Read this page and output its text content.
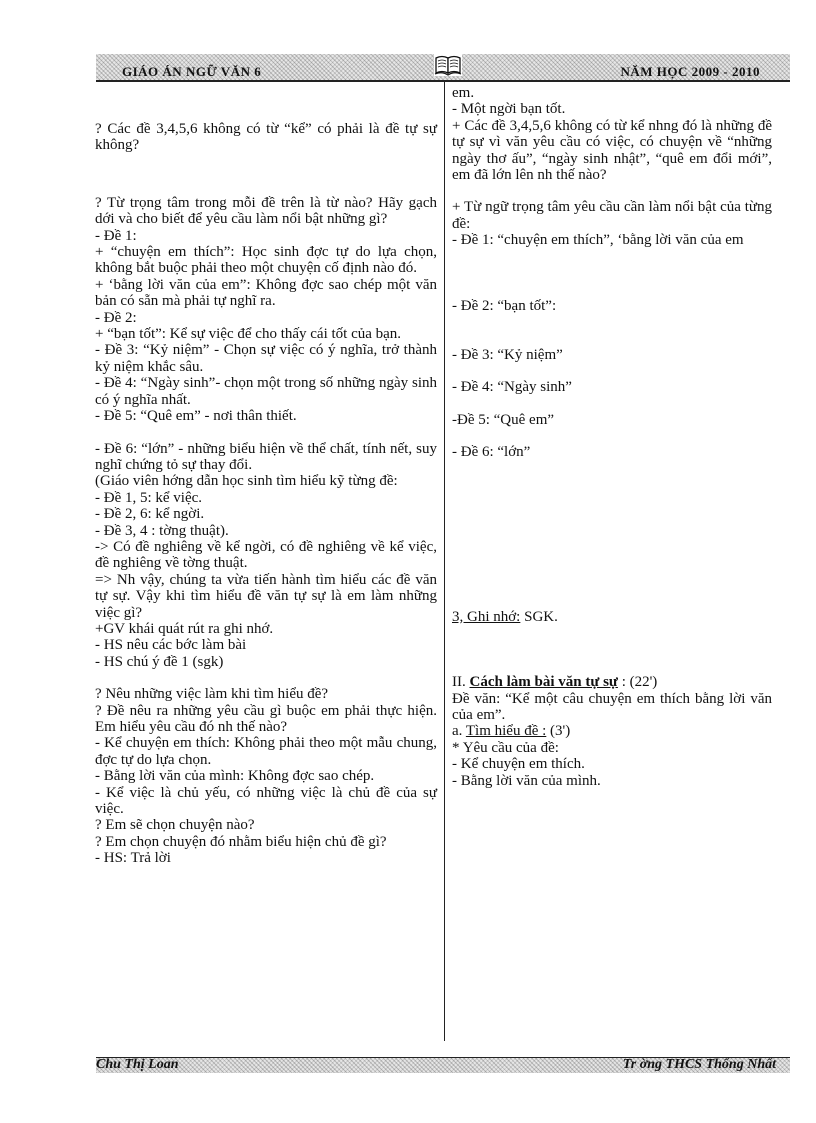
GIÁO ÁN NGỮ VĂN 6	NĂM HỌC 2009 - 2010

? Các đề 3,4,5,6 không có từ “kể” có phải là đề tự sự không?

? Từ trọng tâm trong mỗi đề trên là từ nào? Hãy gạch dới và cho biết để yêu cầu làm nổi bật những gì?

- Đề 1:

+ “chuyện em thích”: Học sinh đợc tự do lựa chọn, không bắt buộc phải theo một chuyện cố định nào đó.

+ ‘bằng lời văn của em”: Không đợc sao chép một văn bản có sẵn mà phải tự nghĩ ra.

- Đề 2:

+ “bạn tốt”: Kể sự việc để cho thấy cái tốt của bạn.

- Đề 3: “Kỷ niệm” - Chọn sự việc có ý nghĩa, trở thành kỷ niệm khắc sâu.

- Đề 4: “Ngày sinh”- chọn một trong số những ngày sinh có ý nghĩa nhất.

- Đề 5: “Quê em” - nơi thân thiết.

- Đề 6: “lớn” - những biểu hiện về thể chất, tính nết, suy nghĩ chứng tỏ sự thay đổi.

(Giáo viên hớng dẫn học sinh tìm hiểu kỹ từng đề:

- Đề 1, 5: kể việc.

- Đề 2, 6: kể ngời.

- Đề 3, 4 : tờng thuật).

-> Có đề nghiêng về kể ngời, có đề nghiêng về kể việc, đề nghiêng về tờng thuật.

=> Nh vậy, chúng ta vừa tiến hành tìm hiểu các đề văn tự sự. Vậy khi tìm hiểu đề văn tự sự là em làm những việc gì?

+GV khái quát rút ra ghi nhớ.

- HS nêu các bớc làm bài

- HS chú ý đề 1 (sgk)

? Nêu những việc làm khi tìm hiểu đề?

? Đề nêu ra những yêu cầu gì buộc em phải thực hiện. Em hiểu yêu cầu đó nh thế nào?

- Kể chuyện em thích: Không phải theo một mẫu chung, đợc tự do lựa chọn.

- Bằng lời văn của mình: Không đợc sao chép.

- Kể việc là chủ yếu, có những việc là chủ đề của sự việc.

? Em sẽ chọn chuyện nào?

? Em chọn chuyện đó nhằm biểu hiện chủ đề gì?

- HS: Trả lời

em.

- Một ngời bạn tốt.

+ Các đề 3,4,5,6 không có từ kể nhng đó là những đề tự sự vì văn yêu cầu có việc, có chuyện về “những ngày thơ ấu”, “ngày sinh nhật”, “quê em đổi mới”, em đã lớn lên nh thế nào?

+ Từ ngữ trọng tâm yêu cầu cần làm nổi bật của từng đề:

- Đề 1: “chuyện em thích”, ‘bằng lời văn của em

- Đề 2: “bạn tốt”:

- Đề 3: “Kỷ niệm”

- Đề 4: “Ngày sinh”

-Đề 5: “Quê em”

- Đề 6: “lớn”

3, Ghi nhớ: SGK.

II. Cách làm bài văn tự sự : (22')

Đề văn: “Kể một câu chuyện em thích bằng lời văn của em”.

a. Tìm hiểu đề : (3')

* Yêu cầu của đề:

- Kể chuyện em thích.

- Bằng lời văn của mình.

Chu Thị Loan	Tr ờng THCS Thống Nhất
